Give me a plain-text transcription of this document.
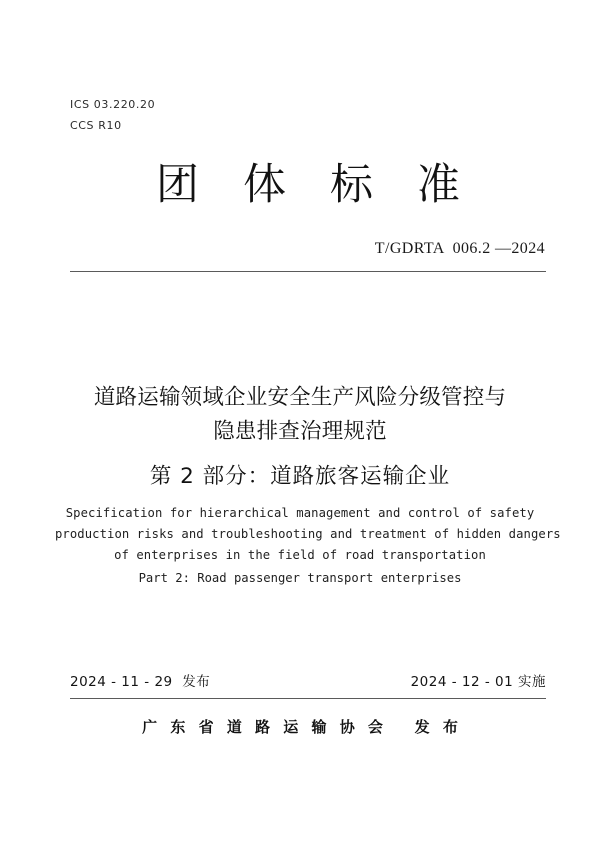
ICS 03.220.20
CCS R10
团体标准
T/GDRTA  006.2 —2024
道路运输领域企业安全生产风险分级管控与
隐患排查治理规范
第 2 部分：道路旅客运输企业
Specification for hierarchical management and control of safety
production risks and troubleshooting and treatment of hidden dangers
of enterprises in the field of road transportation
Part 2: Road passenger transport enterprises
2024 - 11 - 29  发布	2024 - 12 - 01 实施
广 东 省 道 路 运 输 协 会   发 布
